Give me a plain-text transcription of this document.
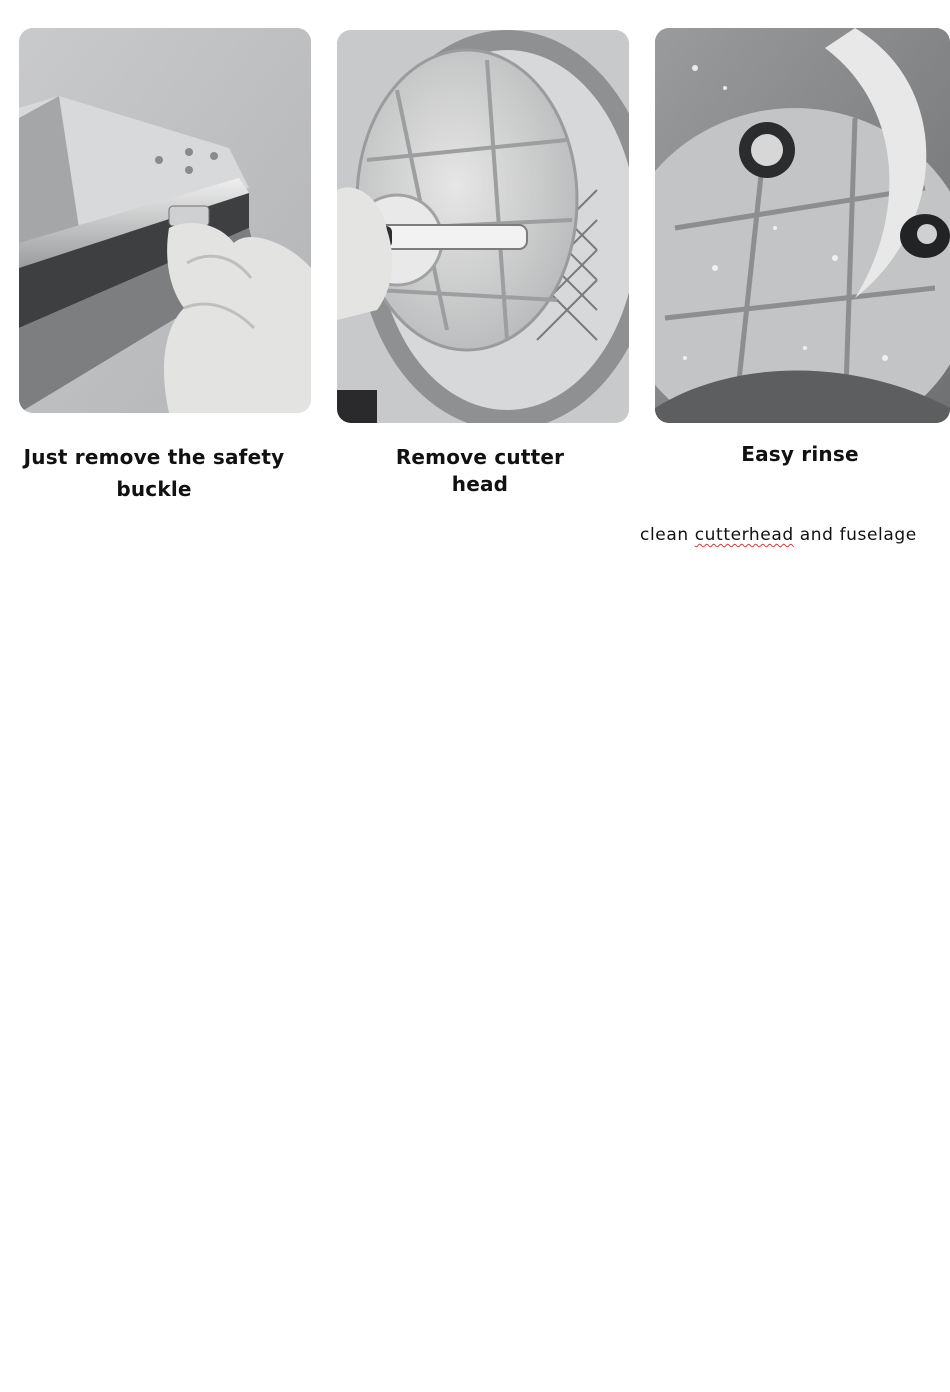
Just remove the safety buckle
Remove cutter head
Easy rinse
clean cutterhead and fuselage
